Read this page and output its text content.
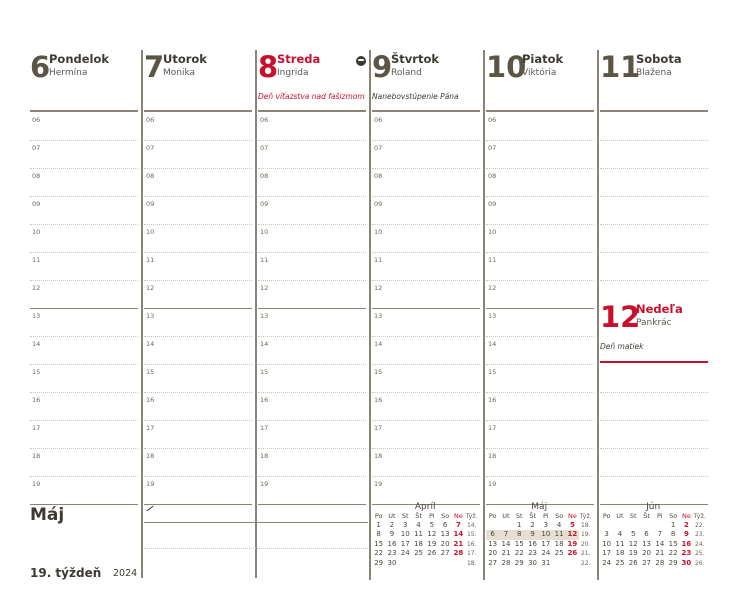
6
Pondelok
Hermína
06
07
08
09
10
11
12
13
14
15
16
17
18
19
7
Utorok
Monika
06
07
08
09
10
11
12
13
14
15
16
17
18
19
8
Streda
Ingrida
Deň víťazstva nad fašizmom
06
07
08
09
10
11
12
13
14
15
16
17
18
19
9
Štvrtok
Roland
Nanebovstúpenie Pána
06
07
08
09
10
11
12
13
14
15
16
17
18
19
10
Piatok
Viktória
06
07
08
09
10
11
12
13
14
15
16
17
18
19
11
Sobota
Blažena
12
Nedeľa
Pankrác
Deň matiek
Máj
19. týždeň 2024
Apríl
Po	Ut	St	Št	Pi	So	Ne	Týž.
1	2	3	4	5	6	7	14.
8	9	10	11	12	13	14	15.
15	16	17	18	19	20	21	16.
22	23	24	25	26	27	28	17.
29	30						18.
Máj
Po	Ut	St	Št	Pi	So	Ne	Týž.
		1	2	3	4	5	18.
6	7	8	9	10	11	12	19.
13	14	15	16	17	18	19	20.
20	21	22	23	24	25	26	21.
27	28	29	30	31			22.
Jún
Po	Ut	St	Št	Pi	So	Ne	Týž.
					1	2	22.
3	4	5	6	7	8	9	23.
10	11	12	13	14	15	16	24.
17	18	19	20	21	22	23	25.
24	25	26	27	28	29	30	26.
